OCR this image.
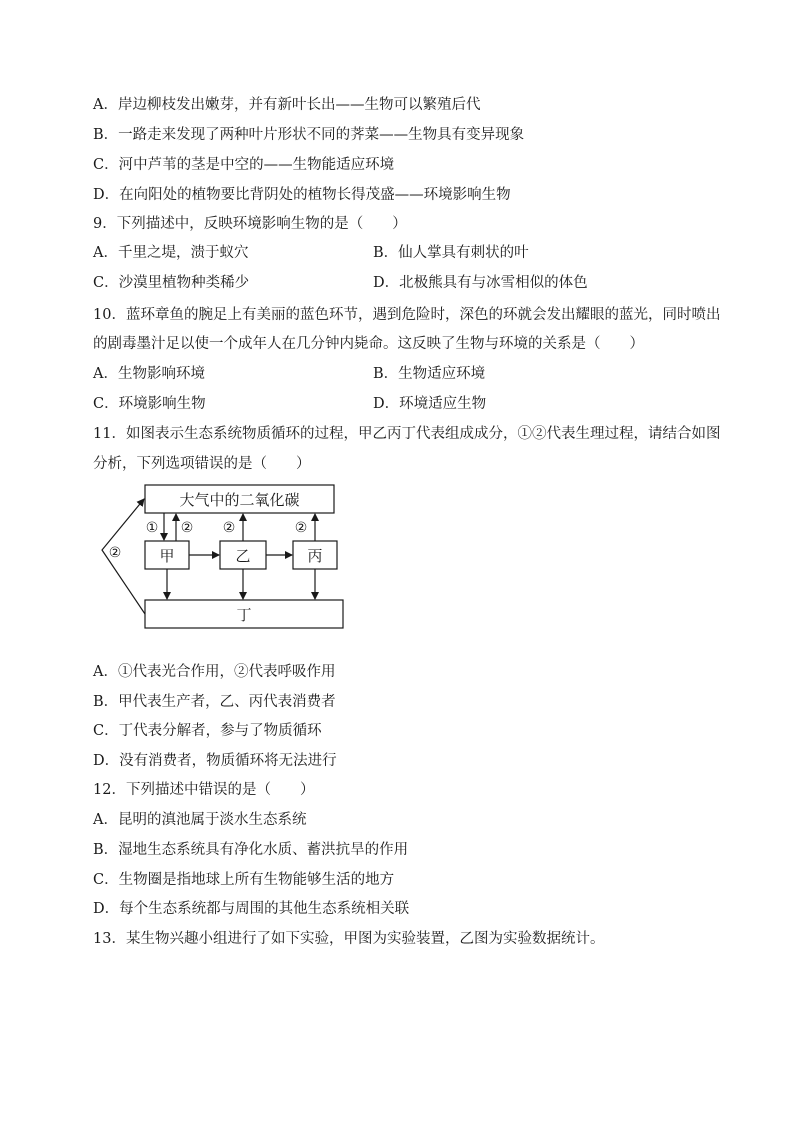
A．岸边柳枝发出嫩芽，并有新叶长出——生物可以繁殖后代
B．一路走来发现了两种叶片形状不同的荠菜——生物具有变异现象
C．河中芦苇的茎是中空的——生物能适应环境
D．在向阳处的植物要比背阴处的植物长得茂盛——环境影响生物
9．下列描述中，反映环境影响生物的是（　　）
A．千里之堤，溃于蚁穴	B．仙人掌具有刺状的叶
C．沙漠里植物种类稀少	D．北极熊具有与冰雪相似的体色
10．蓝环章鱼的腕足上有美丽的蓝色环节，遇到危险时，深色的环就会发出耀眼的蓝光，同时喷出
的剧毒墨汁足以使一个成年人在几分钟内毙命。这反映了生物与环境的关系是（　　）
A．生物影响环境	B．生物适应环境
C．环境影响生物	D．环境适应生物
11．如图表示生态系统物质循环的过程，甲乙丙丁代表组成成分，①②代表生理过程，请结合如图
分析，下列选项错误的是（　　）
大气中的二氧化碳
甲	乙	丙
丁
① ② ②	②
②
A．①代表光合作用，②代表呼吸作用
B．甲代表生产者，乙、丙代表消费者
C．丁代表分解者，参与了物质循环
D．没有消费者，物质循环将无法进行
12．下列描述中错误的是（　　）
A．昆明的滇池属于淡水生态系统
B．湿地生态系统具有净化水质、蓄洪抗旱的作用
C．生物圈是指地球上所有生物能够生活的地方
D．每个生态系统都与周围的其他生态系统相关联
13．某生物兴趣小组进行了如下实验，甲图为实验装置，乙图为实验数据统计。
